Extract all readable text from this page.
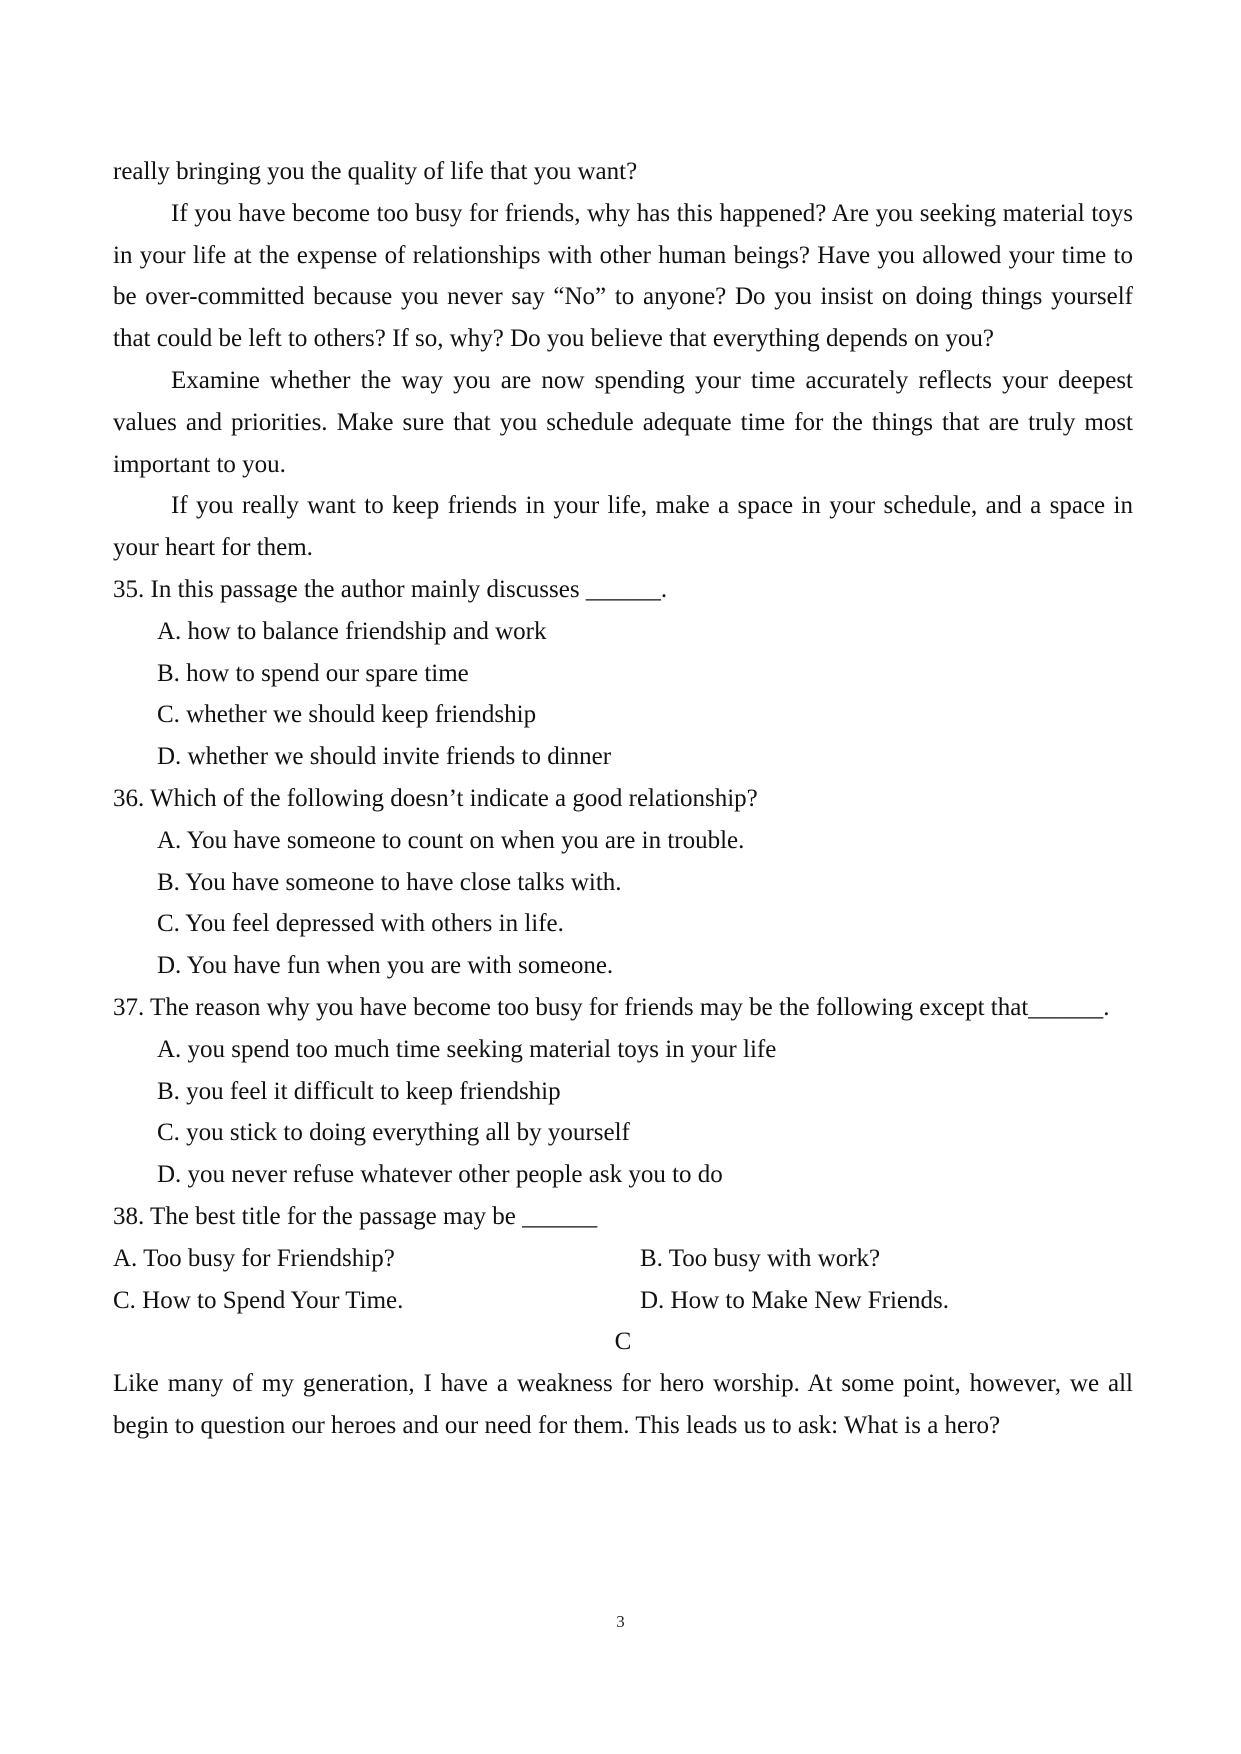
really bringing you the quality of life that you want?

If you have become too busy for friends, why has this happened? Are you seeking material toys in your life at the expense of relationships with other human beings? Have you allowed your time to be over-committed because you never say “No” to anyone? Do you insist on doing things yourself that could be left to others? If so, why? Do you believe that everything depends on you?

Examine whether the way you are now spending your time accurately reflects your deepest values and priorities. Make sure that you schedule adequate time for the things that are truly most important to you.

If you really want to keep friends in your life, make a space in your schedule, and a space in your heart for them.

35. In this passage the author mainly discusses ______.

A. how to balance friendship and work

B. how to spend our spare time

C. whether we should keep friendship

D. whether we should invite friends to dinner

36. Which of the following doesn’t indicate a good relationship?

A. You have someone to count on when you are in trouble.

B. You have someone to have close talks with.

C. You feel depressed with others in life.

D. You have fun when you are with someone.

37. The reason why you have become too busy for friends may be the following except that______.

A. you spend too much time seeking material toys in your life

B. you feel it difficult to keep friendship

C. you stick to doing everything all by yourself

D. you never refuse whatever other people ask you to do

38. The best title for the passage may be ______

A. Too busy for Friendship?	B. Too busy with work?
C. How to Spend Your Time.	D. How to Make New Friends.

C

Like many of my generation, I have a weakness for hero worship. At some point, however, we all begin to question our heroes and our need for them. This leads us to ask: What is a hero?

3
